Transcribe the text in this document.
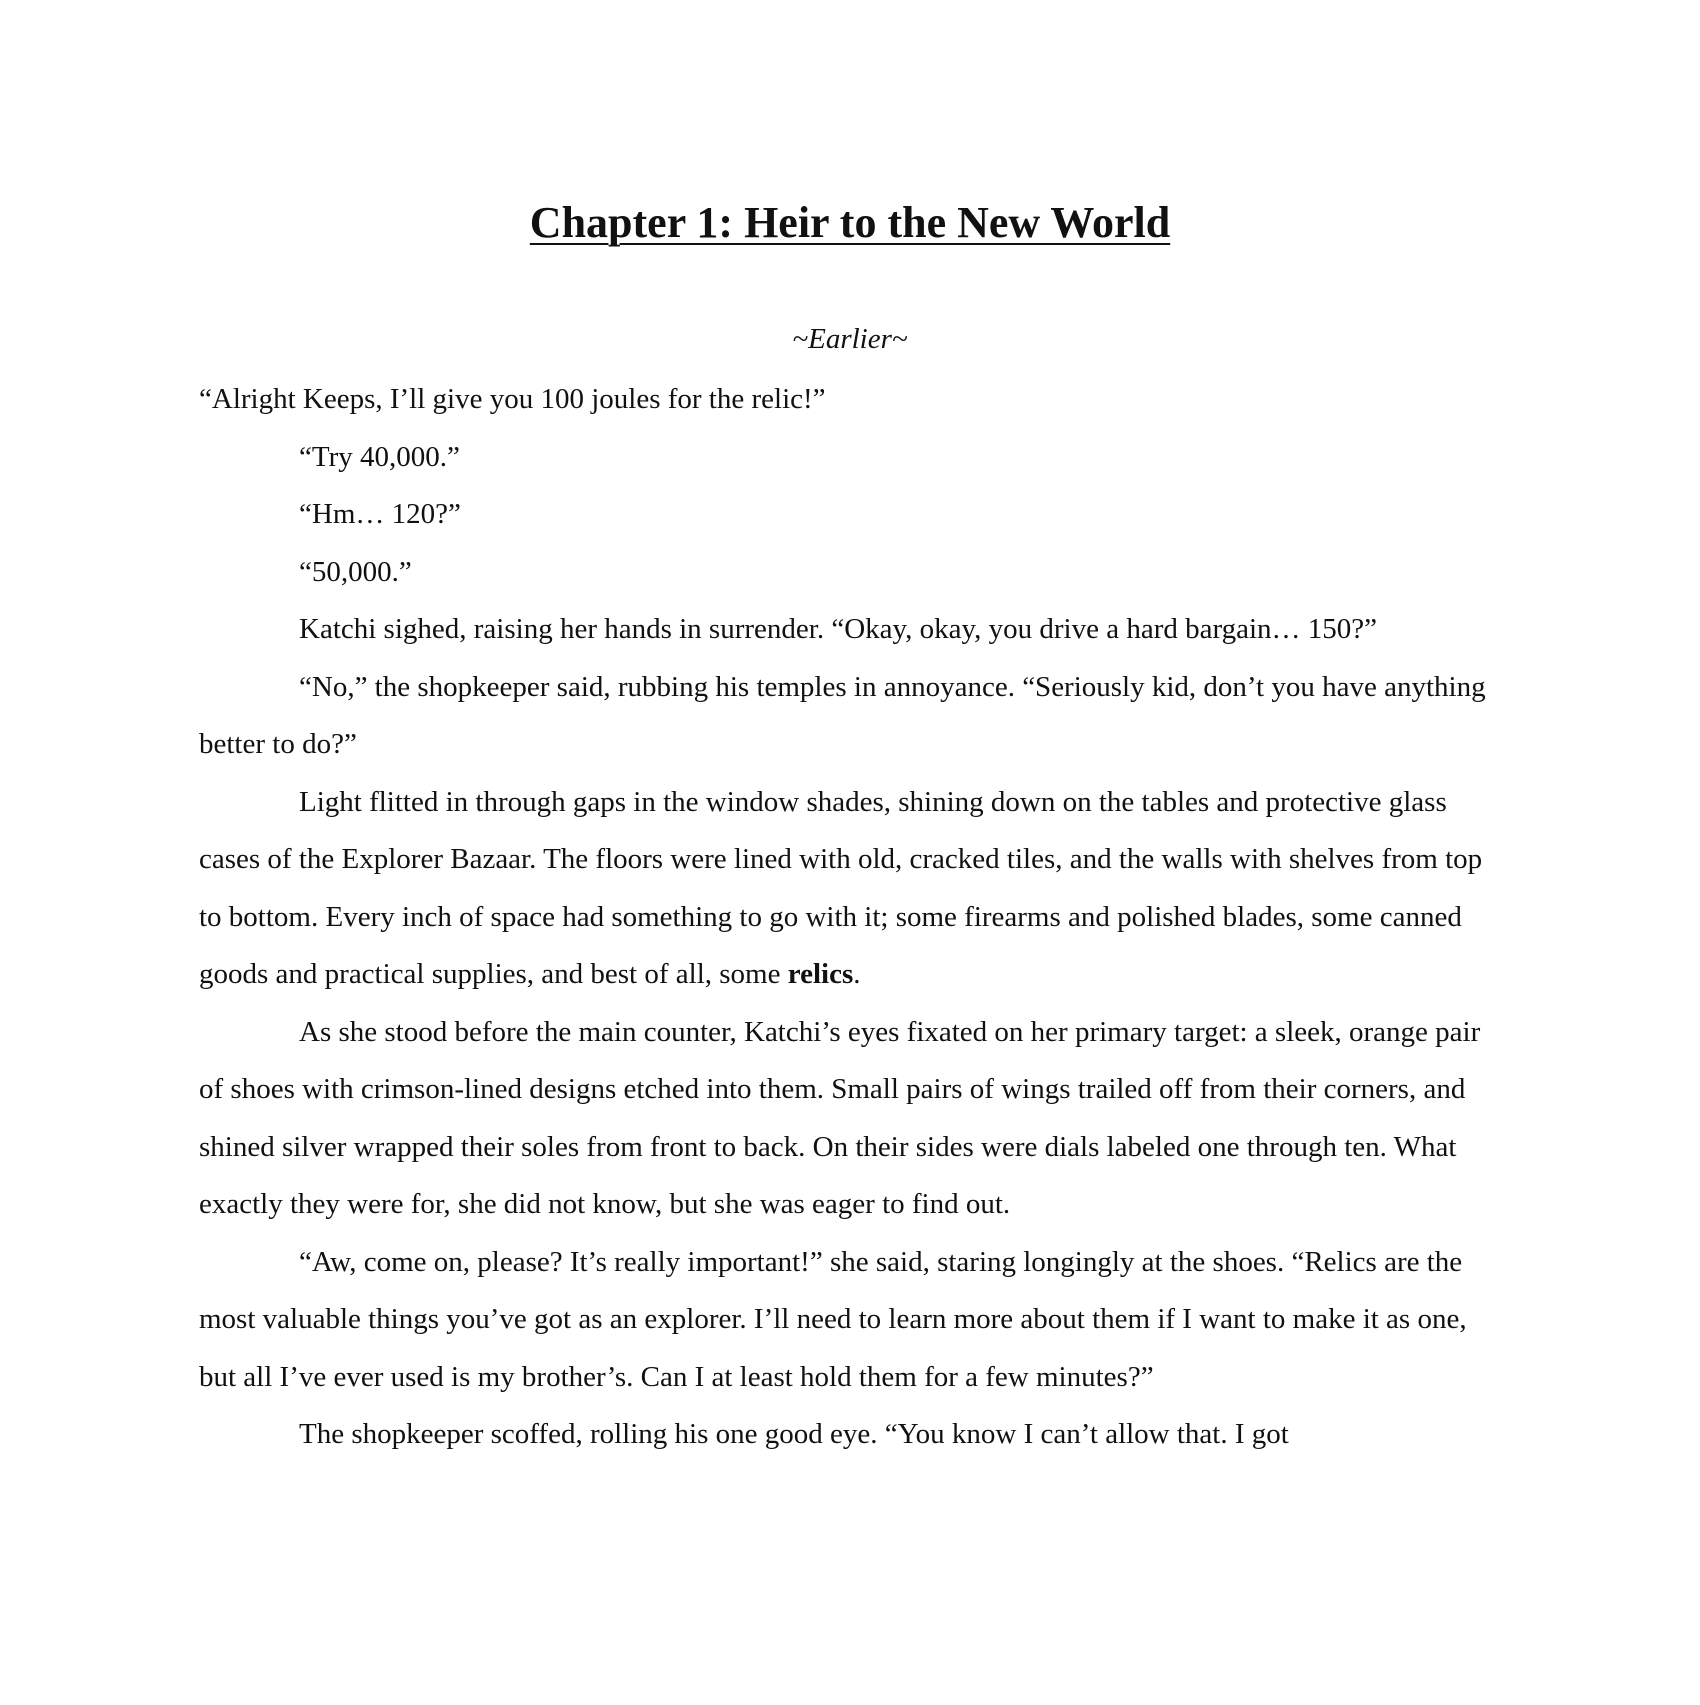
Chapter 1: Heir to the New World
~Earlier~

“Alright Keeps, I’ll give you 100 joules for the relic!”

“Try 40,000.”

“Hm… 120?”

“50,000.”

Katchi sighed, raising her hands in surrender. “Okay, okay, you drive a hard bargain… 150?”

“No,” the shopkeeper said, rubbing his temples in annoyance. “Seriously kid, don’t you have anything better to do?”

Light flitted in through gaps in the window shades, shining down on the tables and protective glass cases of the Explorer Bazaar. The floors were lined with old, cracked tiles, and the walls with shelves from top to bottom. Every inch of space had something to go with it; some firearms and polished blades, some canned goods and practical supplies, and best of all, some relics.

As she stood before the main counter, Katchi’s eyes fixated on her primary target: a sleek, orange pair of shoes with crimson-lined designs etched into them. Small pairs of wings trailed off from their corners, and shined silver wrapped their soles from front to back. On their sides were dials labeled one through ten. What exactly they were for, she did not know, but she was eager to find out.

“Aw, come on, please? It’s really important!” she said, staring longingly at the shoes. “Relics are the most valuable things you’ve got as an explorer. I’ll need to learn more about them if I want to make it as one, but all I’ve ever used is my brother’s. Can I at least hold them for a few minutes?”

The shopkeeper scoffed, rolling his one good eye. “You know I can’t allow that. I got
